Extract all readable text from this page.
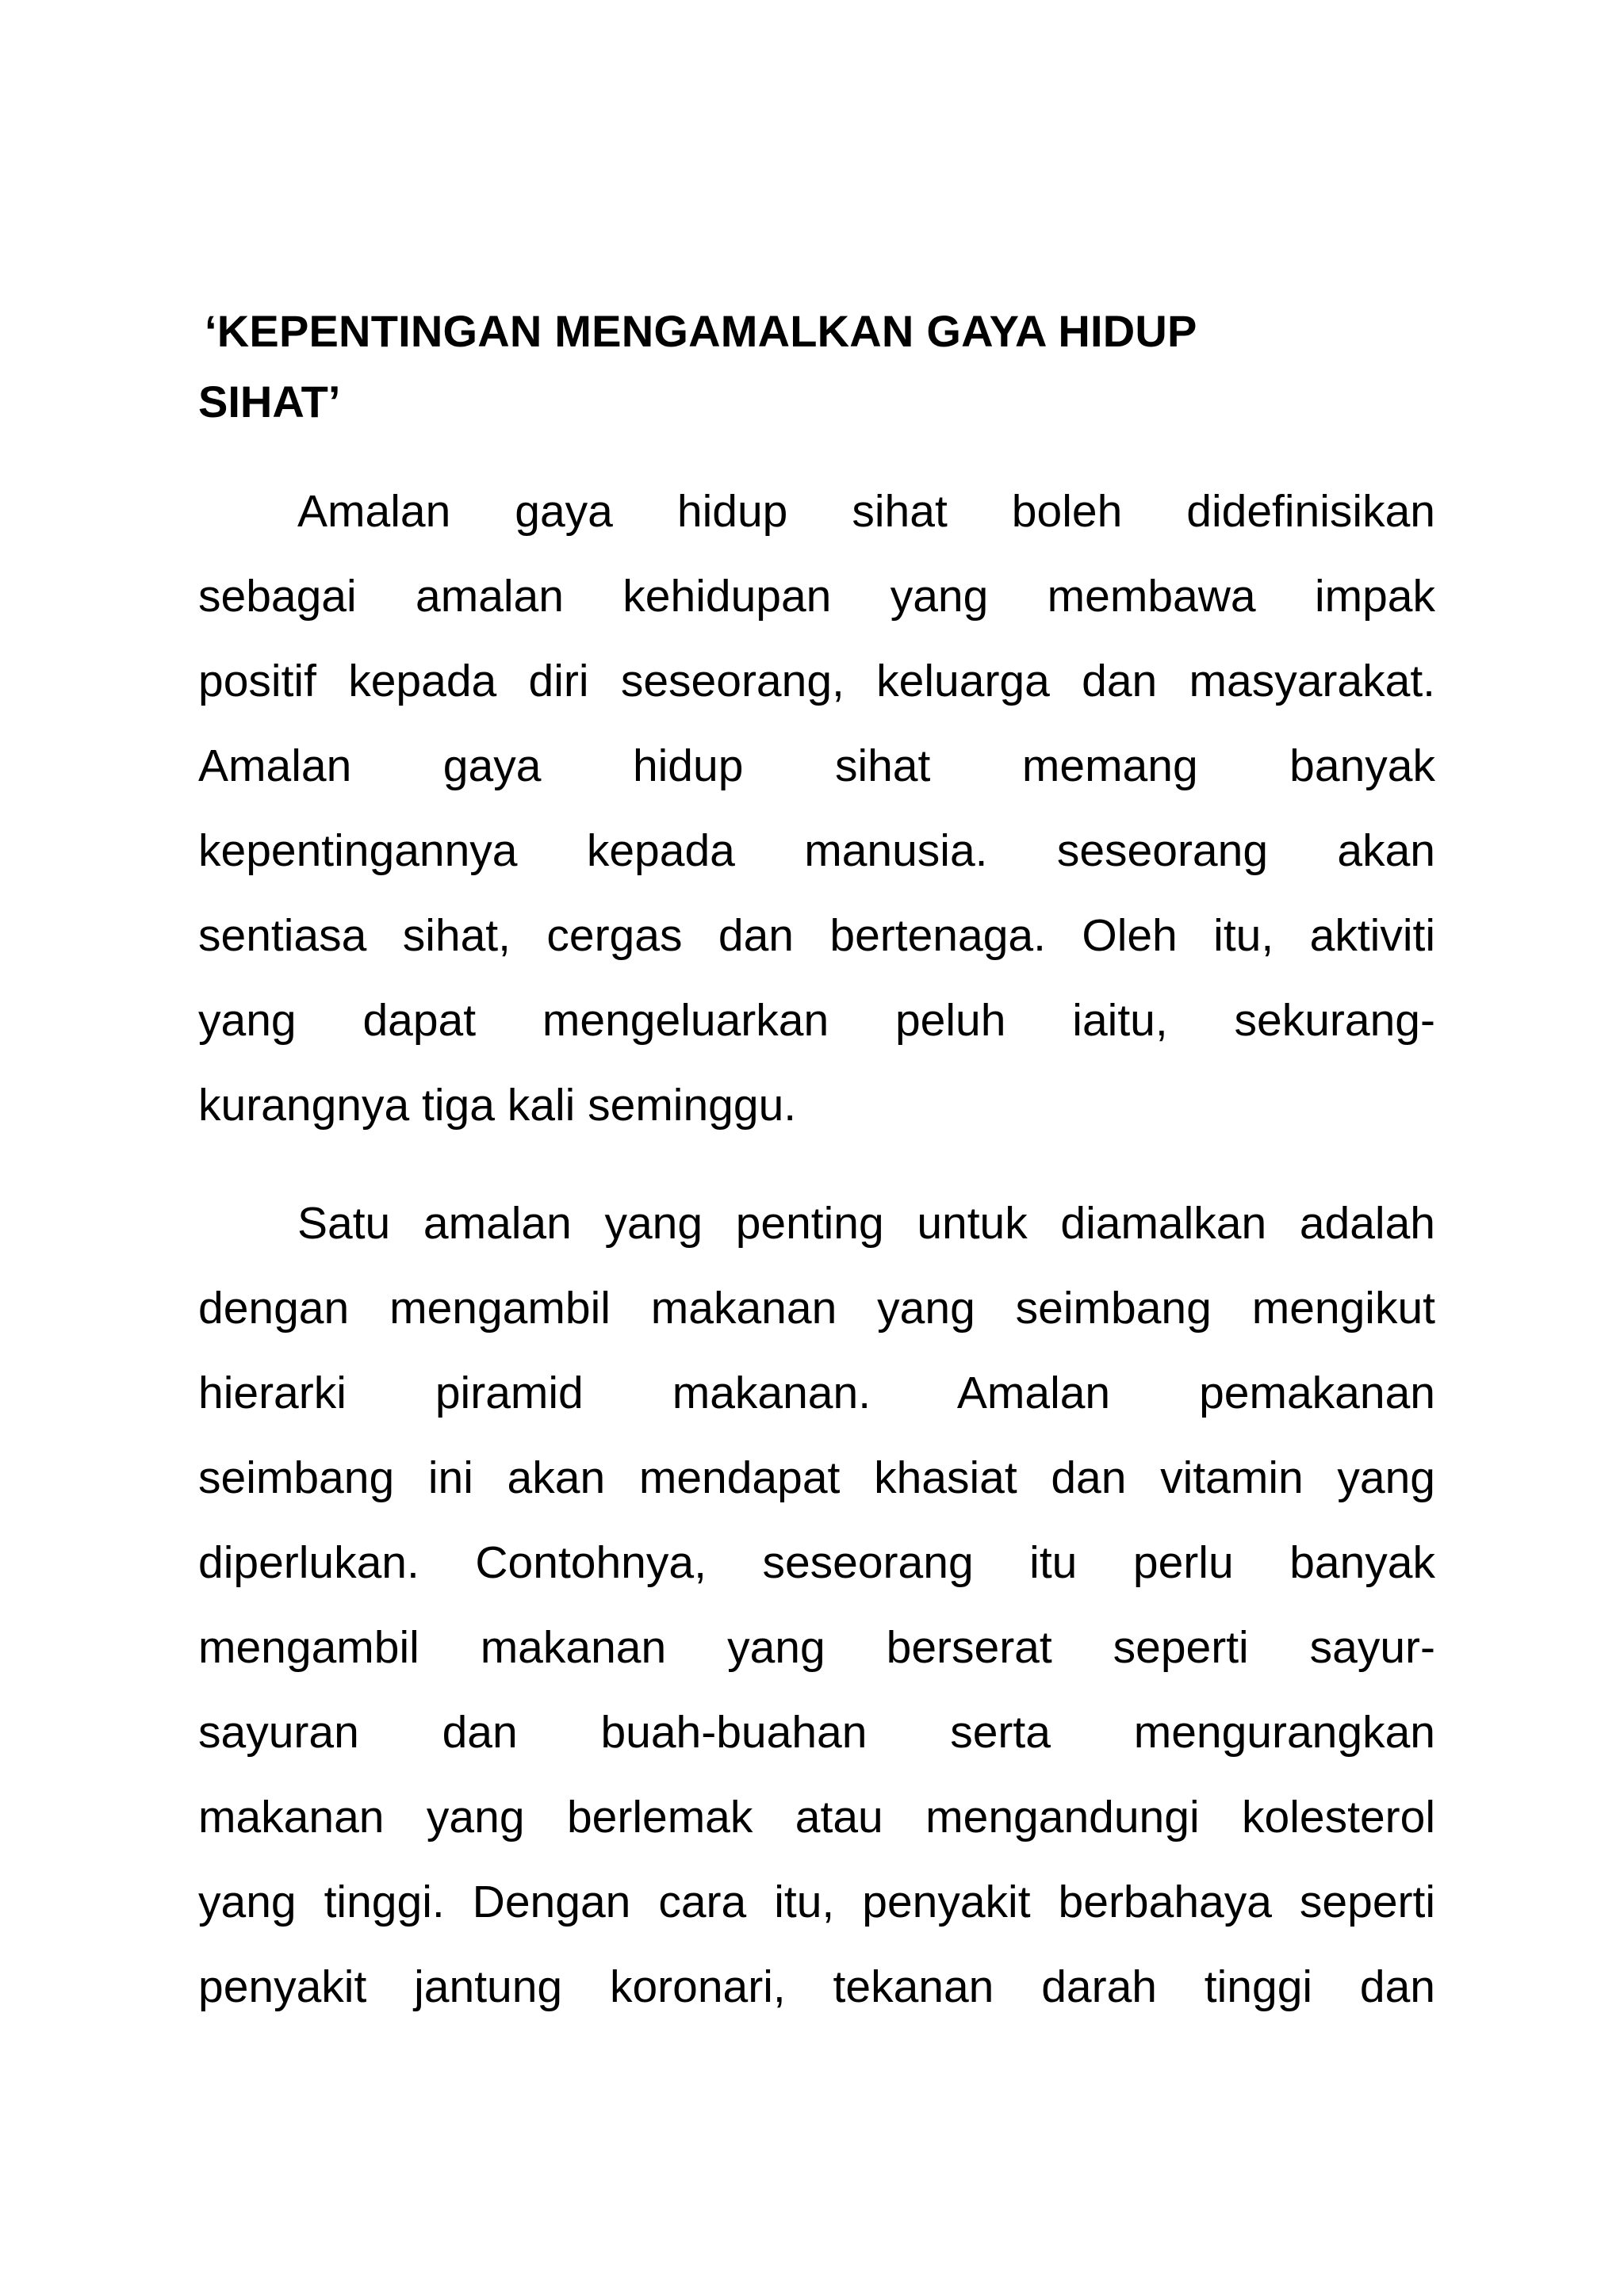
‘KEPENTINGAN MENGAMALKAN GAYA HIDUP
SIHAT’
Amalan gaya hidup sihat boleh didefinisikan
sebagai amalan kehidupan yang membawa impak
positif kepada diri seseorang, keluarga dan masyarakat.
Amalan gaya hidup sihat memang banyak
kepentingannya kepada manusia. seseorang akan
sentiasa sihat, cergas dan bertenaga. Oleh itu, aktiviti
yang dapat mengeluarkan peluh iaitu, sekurang-
kurangnya tiga kali seminggu.
Satu amalan yang penting untuk diamalkan adalah
dengan mengambil makanan yang seimbang mengikut
hierarki piramid makanan. Amalan pemakanan
seimbang ini akan mendapat khasiat dan vitamin yang
diperlukan. Contohnya, seseorang itu perlu banyak
mengambil makanan yang berserat seperti sayur-
sayuran dan buah-buahan serta mengurangkan
makanan yang berlemak atau mengandungi kolesterol
yang tinggi. Dengan cara itu, penyakit berbahaya seperti
penyakit jantung koronari, tekanan darah tinggi dan
